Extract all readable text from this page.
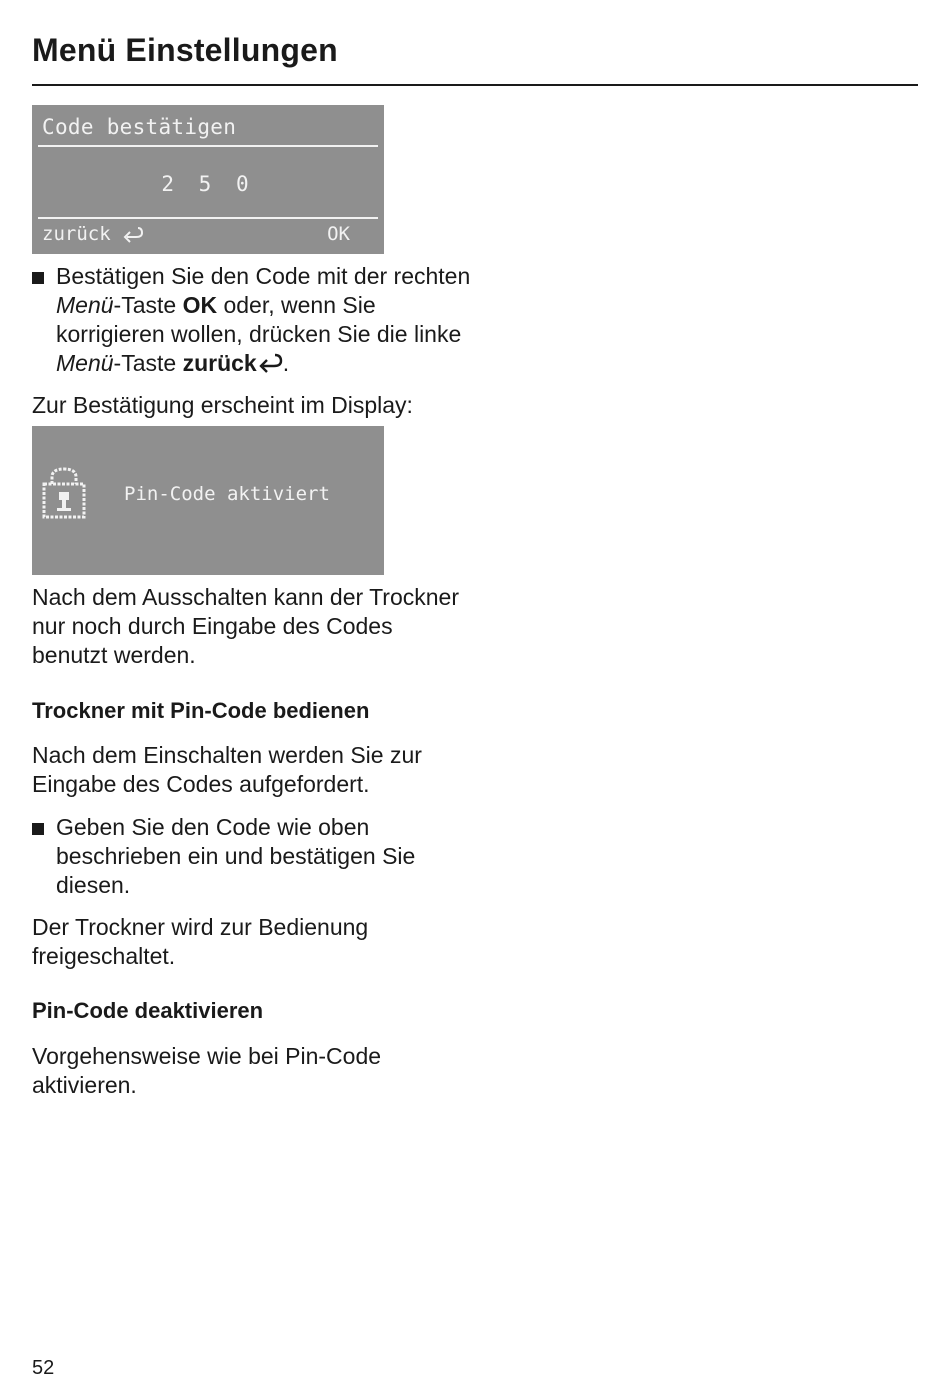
Menü Einstellungen
Code bestätigen
2 5 0
zurück	OK
Bestätigen Sie den Code mit der rechten Menü-Taste OK oder, wenn Sie korrigieren wollen, drücken Sie die linke Menü-Taste zurück .
Zur Bestätigung erscheint im Display:
Pin-Code aktiviert
Nach dem Ausschalten kann der Trockner nur noch durch Eingabe des Codes benutzt werden.
Trockner mit Pin-Code bedienen
Nach dem Einschalten werden Sie zur Eingabe des Codes aufgefordert.
Geben Sie den Code wie oben beschrieben ein und bestätigen Sie diesen.
Der Trockner wird zur Bedienung freigeschaltet.
Pin-Code deaktivieren
Vorgehensweise wie bei Pin-Code aktivieren.
52
